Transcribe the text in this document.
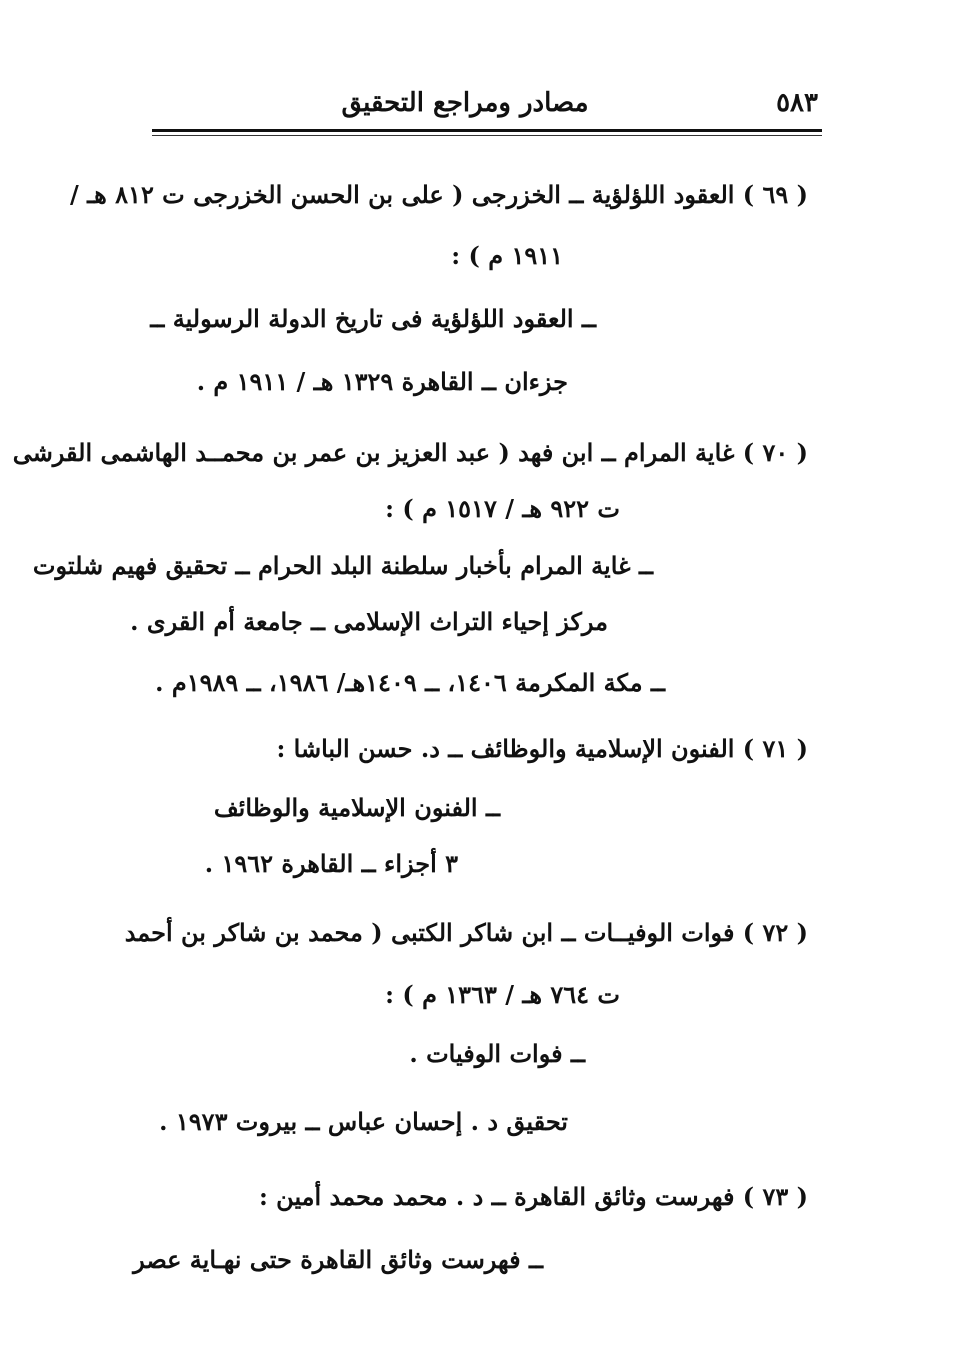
مصادر ومراجع التحقيق	٥٨٣
( ٦٩ ) العقود اللؤلؤية ــ الخزرجى ( على بن الحسن الخزرجى ت ٨١٢ هـ /
١٩١١ م ) :
ــ العقود اللؤلؤية فى تاريخ الدولة الرسولية ــ
جزءان ــ القاهرة ١٣٢٩ هـ / ١٩١١ م .
( ٧٠ ) غاية المرام ــ ابن فهد ( عبد العزيز بن عمر بن محمــد الهاشمى القرشى
ت ٩٢٢ هـ / ١٥١٧ م ) :
ــ غاية المرام بأخبار سلطنة البلد الحرام ــ تحقيق فهيم شلتوت
مركز إحياء التراث الإسلامى ــ جامعة أم القرى .
ــ مكة المكرمة ١٤٠٦، ــ ١٤٠٩هـ/ ١٩٨٦، ــ ١٩٨٩م .
( ٧١ ) الفنون الإسلامية والوظائف ــ د. حسن الباشا :
ــ الفنون الإسلامية والوظائف
٣ أجزاء ــ القاهرة ١٩٦٢ .
( ٧٢ ) فوات الوفيــات ــ ابن شاكر الكتبى ( محمد بن شاكر بن أحمد
ت ٧٦٤ هـ / ١٣٦٣ م ) :
ــ فوات الوفيات .
تحقيق د . إحسان عباس ــ بيروت ١٩٧٣ .
( ٧٣ ) فهرست وثائق القاهرة ــ د . محمد محمد أمين :
ــ فهرست وثائق القاهرة حتى نهـاية عصر
